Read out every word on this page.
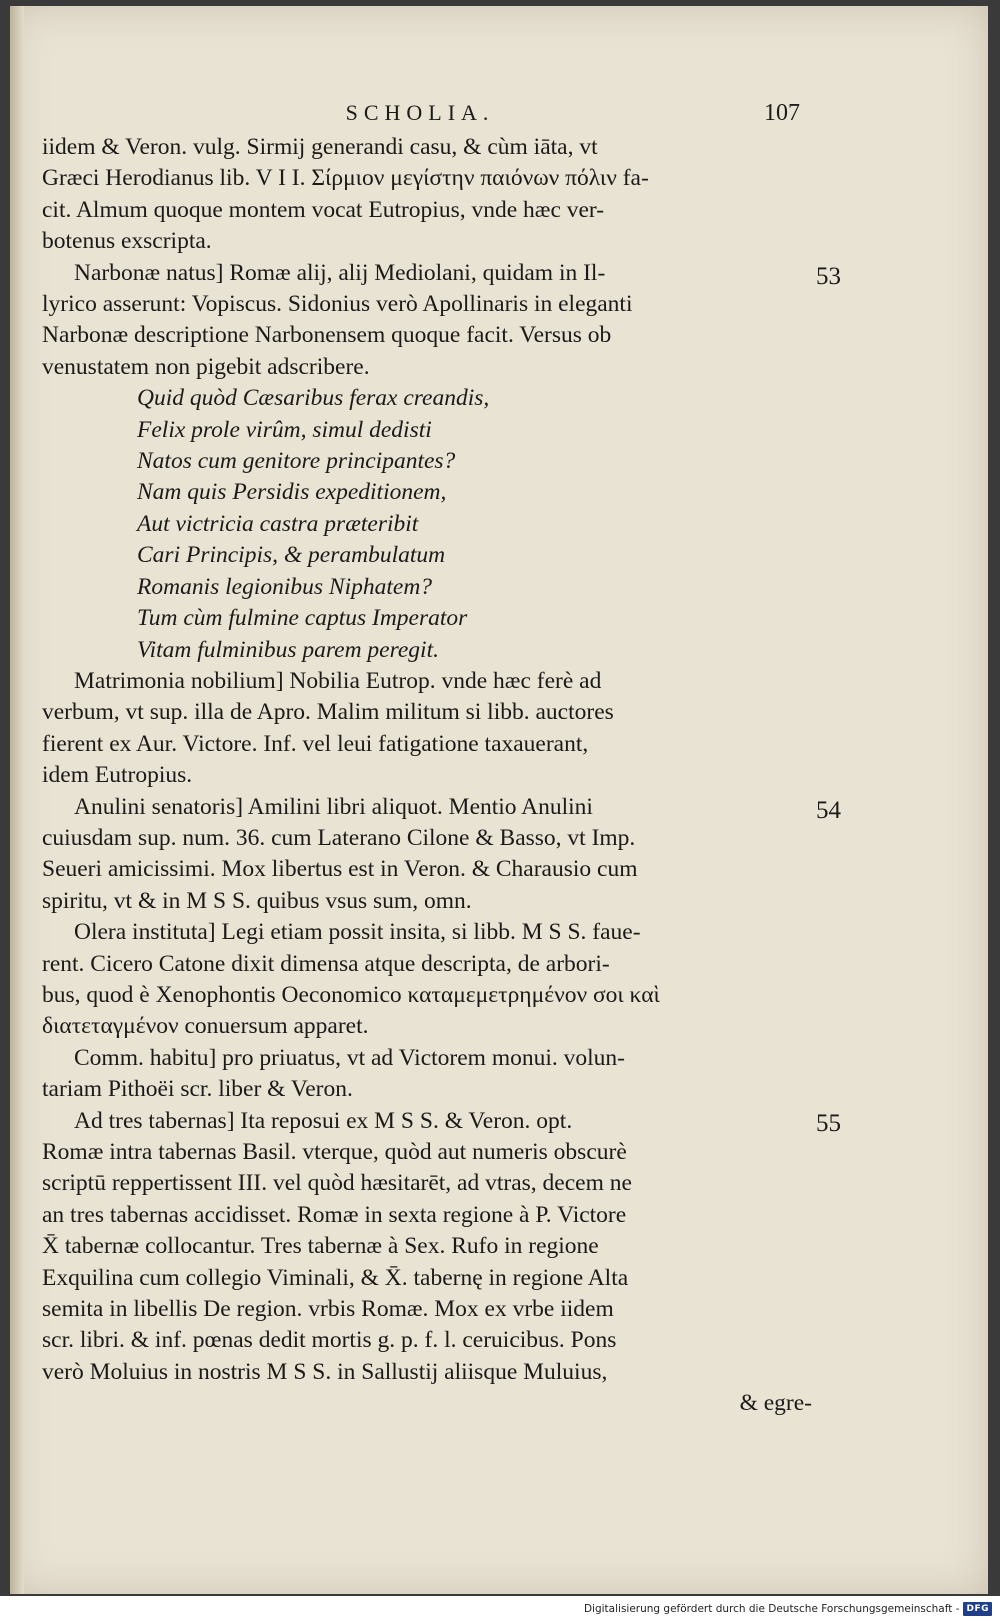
SCHOLIA.	107
iidem & Veron. vulg. Sirmij generandi casu, & cùm iāta, vt
Græci Herodianus lib. V I I. Σίρμιον μεγίστην παιόνων πόλιν fa-
cit. Almum quoque montem vocat Eutropius, vnde hæc ver-
botenus exscripta.
Narbonæ natus] Romæ alij, alij Mediolani, quidam in Il-
lyrico asserunt: Vopiscus. Sidonius verò Apollinaris in eleganti
Narbonæ descriptione Narbonensem quoque facit. Versus ob
venustatem non pigebit adscribere.
Quid quòd Cæsaribus ferax creandis,
Felix prole virûm, simul dedisti
Natos cum genitore principantes?
Nam quis Persidis expeditionem,
Aut victricia castra præteribit
Cari Principis, & perambulatum
Romanis legionibus Niphatem?
Tum cùm fulmine captus Imperator
Vitam fulminibus parem peregit.
Matrimonia nobilium] Nobilia Eutrop. vnde hæc ferè ad
verbum, vt sup. illa de Apro. Malim militum si libb. auctores
fierent ex Aur. Victore. Inf. vel leui fatigatione taxauerant,
idem Eutropius.
Anulini senatoris] Amilini libri aliquot. Mentio Anulini
cuiusdam sup. num. 36. cum Laterano Cilone & Basso, vt Imp.
Seueri amicissimi. Mox libertus est in Veron. & Charausio cum
spiritu, vt & in M S S. quibus vsus sum, omn.
Olera instituta] Legi etiam possit insita, si libb. M S S. faue-
rent. Cicero Catone dixit dimensa atque descripta, de arbori-
bus, quod è Xenophontis Oeconomico καταμεμετρημένον σοι καὶ
διατεταγμένον conuersum apparet.
Comm. habitu] pro priuatus, vt ad Victorem monui. volun-
tariam Pithoëi scr. liber & Veron.
Ad tres tabernas] Ita reposui ex M S S. & Veron. opt.
Romæ intra tabernas Basil. vterque, quòd aut numeris obscurè
scriptū reppertissent III. vel quòd hæsitarēt, ad vtras, decem ne
an tres tabernas accidisset. Romæ in sexta regione à P. Victore
X̄ tabernæ collocantur. Tres tabernæ à Sex. Rufo in regione
Exquilina cum collegio Viminali, & X̄. tabernę in regione Alta
semita in libellis De region. vrbis Romæ. Mox ex vrbe iidem
scr. libri. & inf. pœnas dedit mortis g. p. f. l. ceruicibus. Pons
verò Moluius in nostris M S S. in Sallustij aliisque Muluius,
& egre-
53
54
55
Digitalisierung gefördert durch die Deutsche Forschungsgemeinschaft - DFG
